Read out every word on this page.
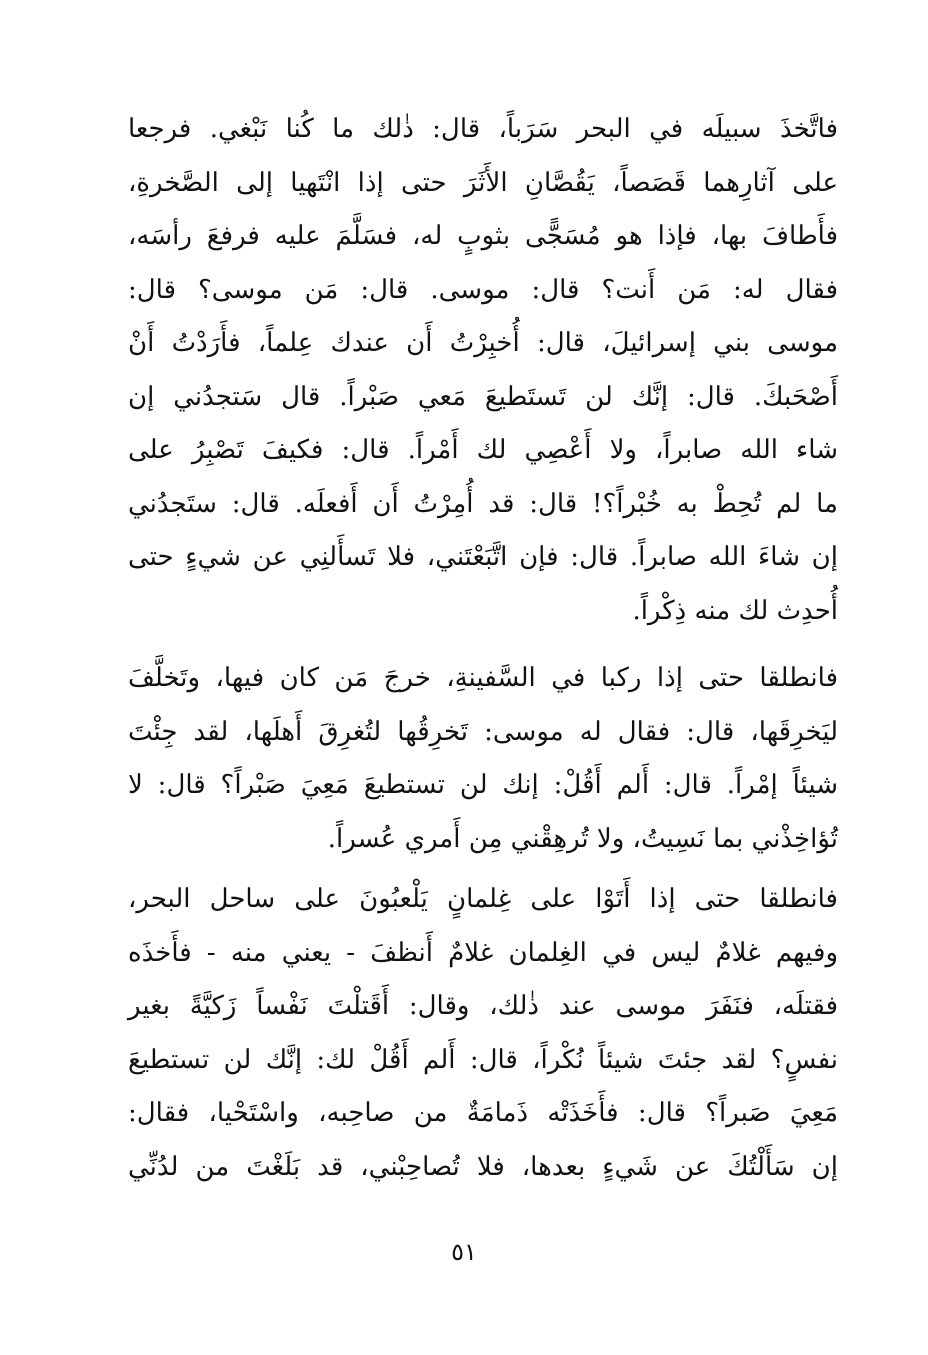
فاتَّخذَ سبيلَه في البحر سَرَباً، قال: ذٰلك ما كُنا نَبْغي. فرجعا
على آثارِهما قَصَصاً، يَقُصَّانِ الأَثَرَ حتى إذا انْتَهيا إلى الصَّخرةِ،
فأَطافَ بها، فإذا هو مُسَجًّى بثوبٍ له، فسَلَّمَ عليه فرفعَ رأسَه،
فقال له: مَن أَنت؟ قال: موسى. قال: مَن موسى؟ قال:
موسى بني إسرائيلَ، قال: أُخبِرْتُ أَن عندك عِلماً، فأَرَدْتُ أَنْ
أَصْحَبكَ. قال: إنَّك لن تَستَطيعَ مَعي صَبْراً. قال سَتجدُني إن
شاء الله صابراً، ولا أَعْصِي لك أَمْراً. قال: فكيفَ تَصْبِرُ على
ما لم تُحِطْ به خُبْراً؟! قال: قد أُمِرْتُ أَن أَفعلَه. قال: ستَجدُني
إن شاءَ الله صابراً. قال: فإن اتَّبَعْتَني، فلا تَسأَلنِي عن شيءٍ حتى
أُحدِث لك منه ذِكْراً.
فانطلقا حتى إذا ركبا في السَّفينةِ، خرجَ مَن كان فيها، وتَخلَّفَ
ليَخرِقَها، قال: فقال له موسى: تَخرِقُها لتُغرِقَ أَهلَها، لقد جِئْتَ
شيئاً إمْراً. قال: أَلم أَقُلْ: إنك لن تستطيعَ مَعِيَ صَبْراً؟ قال: لا
تُؤاخِذْني بما نَسِيتُ، ولا تُرهِقْني مِن أَمري عُسراً.
فانطلقا حتى إذا أَتَوْا على غِلمانٍ يَلْعبُونَ على ساحل البحر،
وفيهم غلامٌ ليس في الغِلمان غلامٌ أَنظفَ - يعني منه - فأَخذَه
فقتلَه، فنَفَرَ موسى عند ذٰلك، وقال: أَقَتلْتَ نَفْساً زَكيَّةً بغير
نفسٍ؟ لقد جئتَ شيئاً نُكْراً، قال: أَلم أَقُلْ لك: إنَّك لن تستطيعَ
مَعِيَ صَبراً؟ قال: فأَخَذَتْه ذَمامَةٌ من صاحِبه، واسْتَحْيا، فقال:
إن سَأَلْتُكَ عن شَيءٍ بعدها، فلا تُصاحِبْني، قد بَلَغْتَ من لدُنِّي
٥١
